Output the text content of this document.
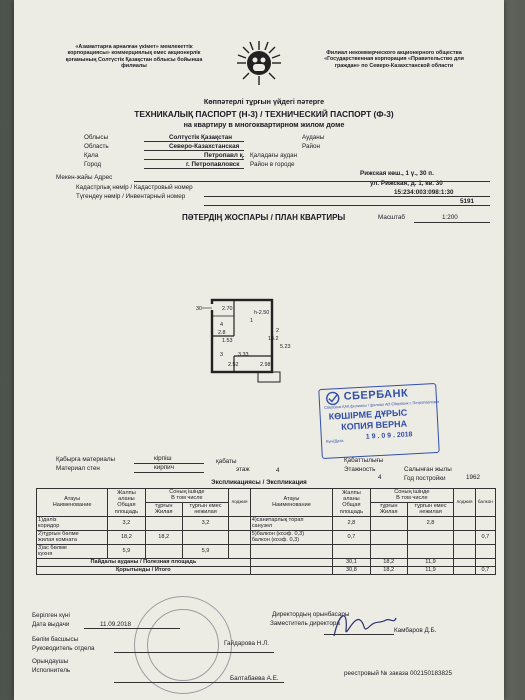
«Азаматтарға арналған үкімет» мемлекеттік
корпорациясы» коммерциялық емес акционерлік
қоғамының Солтүстік Қазақстан облысы бойынша
филиалы
Филиал некоммерческого акционерного общества
«Государственная корпорация «Правительство для
граждан» по Северо-Казахстанской области
Көппәтерлі тұрғын үйдегі пәтерге
ТЕХНИКАЛЫҚ ПАСПОРТ (Н-3) / ТЕХНИЧЕСКИЙ ПАСПОРТ (Ф-3)
на квартиру в многоквартирном жилом доме
Облысы
Область
Солтүстік Қазақстан
Северо-Казахстанская
Ауданы
Район
Қала
Город
Петропавл қ.
г. Петропавловск
Қаладағы аудан
Район в городе
Мекен-жайы Адрес
Рижская көш., 1 ү., 30 п.
ул. Рижская, д. 1, кв. 30
Кадастрлық нөмір / Кадастровый номер
15:234:003:098:1:30
Түгендеу нөмір / Инвентарный номер
5191
ПӘТЕРДІҢ ЖОСПАРЫ / ПЛАН КВАРТИРЫ	Масштаб	1:200
2.70
h-2.50
2.8
1.53
2.52
3.33
2.98
18.2
4
1
2
3
30
5.23
СБЕРБАНК
Сбербанк ҚАҚ филиалы / филиал АО Сбербанк г. Петропавловск
КӨШІРМЕ ДҰРЫС
КОПИЯ ВЕРНА
Күні/Дата
1 9 . 0 9 . 2018
Қабырға материалы
Материал стен
кірпіш
кирпич
қабаты
этаж	4
Қабаттылығы
Этажность
4
Салынған жылы
Год постройки	1962
Экспликациясы / Экспликация
Атауы
Наименование	Жалпы
аланы
Общая
площадь	Соның ішінде
В том числе		лоджия	Атауы
Наименование	Жалпы
аланы
Общая
площадь	Соның ішінде
В том числе		лоджия	балкон
		тұрғын
Жилая	тұрғын емес
нежилая				тұрғын
Жилая	тұрғын емес
нежилая		
1)дәліз
коридор	3,2		3,2		4)санитарлық торап
санузел	2,8		2,8		
2)тұрғын бөлме
жилая комната	18,2	18,2			5)балкон (коэф. 0,3)
балкон (коэф. 0,3)	0,7				0,7
3)ас бөлме
кухня	5,9		5,9							
Пайдалы ауданы / Полезная площадь						30,1	18,2	11,9		
Қорытынды / Итого						30,8	18,2	11,9		0,7
Берілген күні
Дата выдачи	11.09.2018
Бөлім басшысы
Руководитель отдела
Гайдарова Н.Л.
Орындаушы
Исполнитель
Балтабаева А.Е.
Директордың орынбасары
Заместитель директора
Камбаров Д.Б.
реестровый № заказа 002150183825
